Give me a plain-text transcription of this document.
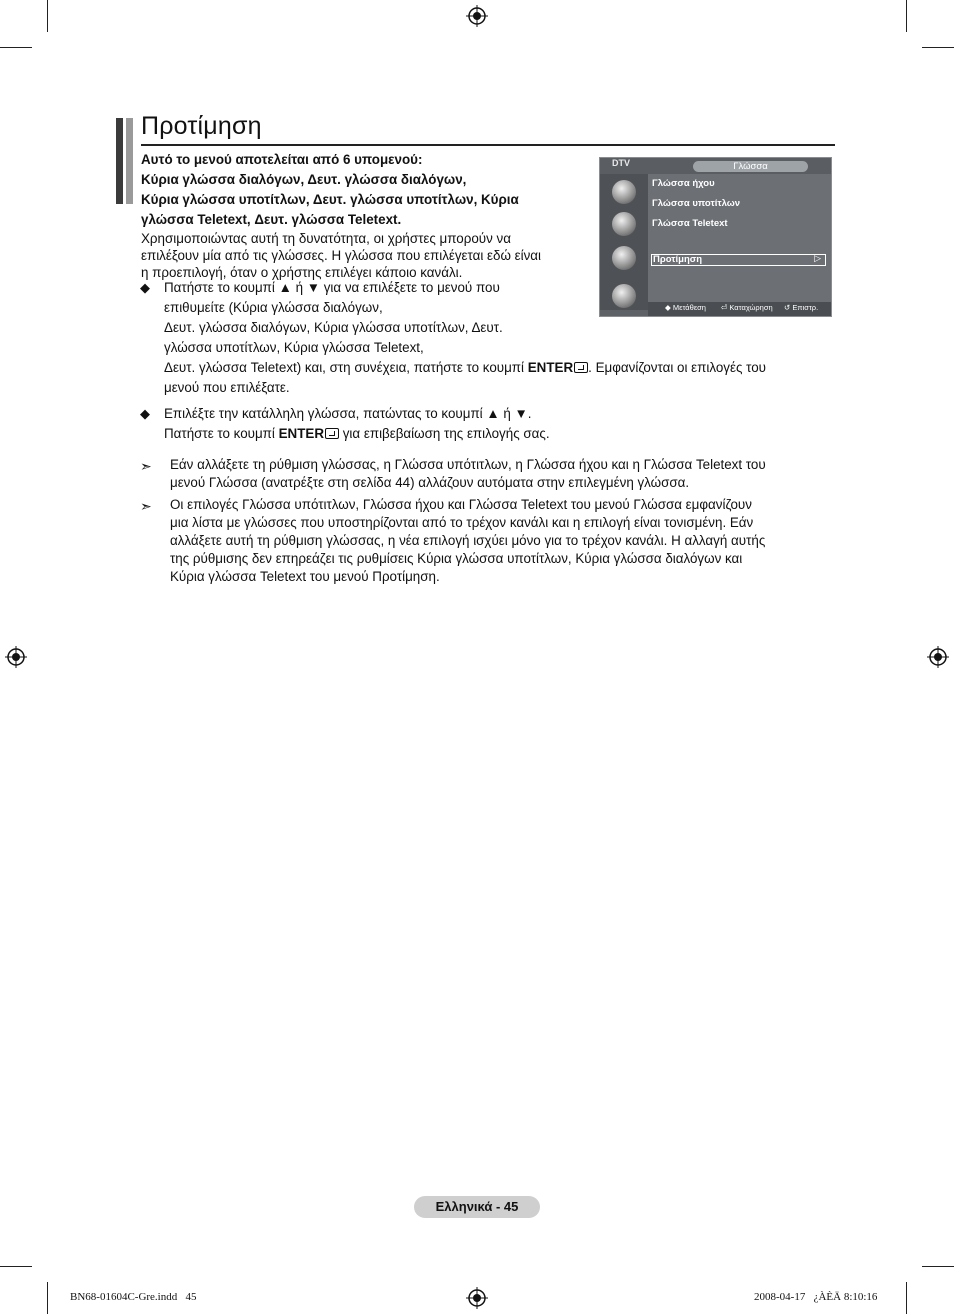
Προτίμηση
Αυτό το μενού αποτελείται από 6 υπομενού:
Κύρια γλώσσα διαλόγων, Δευτ. γλώσσα διαλόγων,
Κύρια γλώσσα υποτίτλων, Δευτ. γλώσσα υποτίτλων, Κύρια
γλώσσα Teletext, Δευτ. γλώσσα Teletext.
Χρησιμοποιώντας αυτή τη δυνατότητα, οι χρήστες μπορούν να
επιλέξουν μία από τις γλώσσες. Η γλώσσα που επιλέγεται εδώ είναι
η προεπιλογή, όταν ο χρήστης επιλέγει κάποιο κανάλι.
◆ Πατήστε το κουμπί ▲ ή ▼ για να επιλέξετε το μενού που
επιθυμείτε (Κύρια γλώσσα διαλόγων,
Δευτ. γλώσσα διαλόγων, Κύρια γλώσσα υποτίτλων, Δευτ.
γλώσσα υποτίτλων, Κύρια γλώσσα Teletext,
Δευτ. γλώσσα Teletext) και, στη συνέχεια, πατήστε το κουμπί ENTER . Εμφανίζονται οι επιλογές του
μενού που επιλέξατε.
◆ Επιλέξτε την κατάλληλη γλώσσα, πατώντας το κουμπί ▲ ή ▼.
Πατήστε το κουμπί ENTER για επιβεβαίωση της επιλογής σας.
➣ Εάν αλλάξετε τη ρύθμιση γλώσσας, η Γλώσσα υπότιτλων, η Γλώσσα ήχου και η Γλώσσα Teletext του
μενού Γλώσσα (ανατρέξτε στη σελίδα 44) αλλάζουν αυτόματα στην επιλεγμένη γλώσσα.
➣ Οι επιλογές Γλώσσα υπότιτλων, Γλώσσα ήχου και Γλώσσα Teletext του μενού Γλώσσα εμφανίζουν
μια λίστα με γλώσσες που υποστηρίζονται από το τρέχον κανάλι και η επιλογή είναι τονισμένη. Εάν
αλλάξετε αυτή τη ρύθμιση γλώσσας, η νέα επιλογή ισχύει μόνο για το τρέχον κανάλι. Η αλλαγή αυτής
της ρύθμισης δεν επηρεάζει τις ρυθμίσεις Κύρια γλώσσα υποτίτλων, Κύρια γλώσσα διαλόγων και
Κύρια γλώσσα Teletext του μενού Προτίμηση.
DTV	Γλώσσα
Γλώσσα ήχου
Γλώσσα υποτίτλων
Γλώσσα Teletext
Προτίμηση	▷
◆ Μετάθεση ⏎ Καταχώρηση ↺ Επιστρ.
Ελληνικά - 45
BN68-01604C-Gre.indd   45	2008-04-17   ¿ÀÈÄ 8:10:16
